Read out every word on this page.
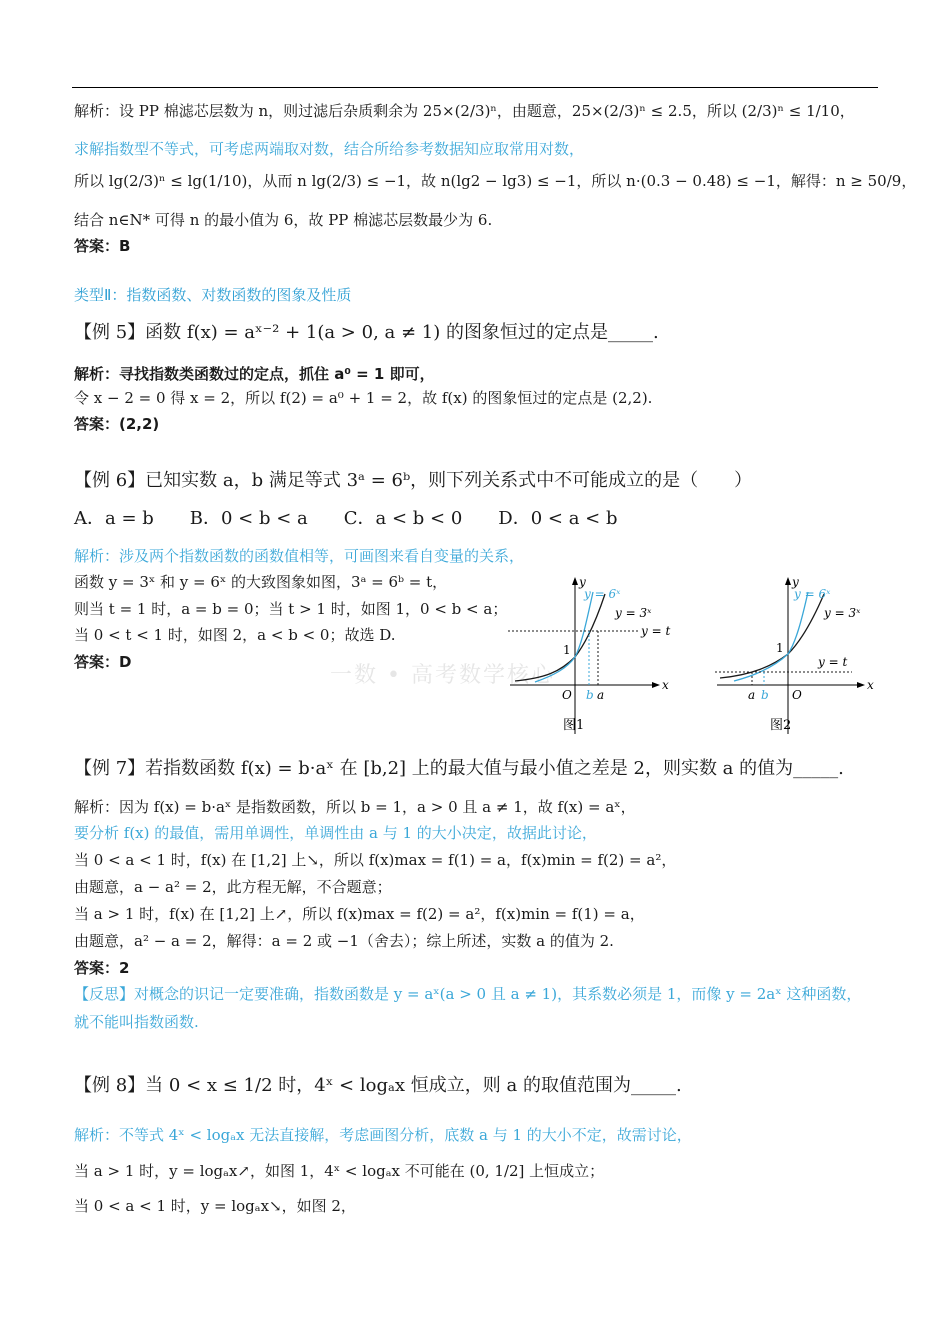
解析：设 PP 棉滤芯层数为 n，则过滤后杂质剩余为 25×(2/3)ⁿ，由题意，25×(2/3)ⁿ ≤ 2.5，所以 (2/3)ⁿ ≤ 1/10，
求解指数型不等式，可考虑两端取对数，结合所给参考数据知应取常用对数，
所以 lg(2/3)ⁿ ≤ lg(1/10)，从而 n lg(2/3) ≤ −1，故 n(lg2 − lg3) ≤ −1，所以 n·(0.3 − 0.48) ≤ −1，解得：n ≥ 50/9，
结合 n∈N* 可得 n 的最小值为 6，故 PP 棉滤芯层数最少为 6.
答案：B
类型Ⅱ：指数函数、对数函数的图象及性质
【例 5】函数 f(x) = aˣ⁻² + 1(a > 0, a ≠ 1) 的图象恒过的定点是_____.
解析：寻找指数类函数过的定点，抓住 a⁰ = 1 即可，
令 x − 2 = 0 得 x = 2，所以 f(2) = a⁰ + 1 = 2，故 f(x) 的图象恒过的定点是 (2,2).
答案：(2,2)
【例 6】已知实数 a，b 满足等式 3ᵃ = 6ᵇ，则下列关系式中不可能成立的是（　　）
A．a = b　　B．0 < b < a　　C．a < b < 0　　D．0 < a < b
解析：涉及两个指数函数的函数值相等，可画图来看自变量的关系，
函数 y = 3ˣ 和 y = 6ˣ 的大致图象如图，3ᵃ = 6ᵇ = t，
则当 t = 1 时，a = b = 0；当 t > 1 时，如图 1，0 < b < a；
当 0 < t < 1 时，如图 2，a < b < 0；故选 D.
答案：D
一数 • 高考数学核心
y
y = 6ˣ
y = 3ˣ
y = t
x
1
O b a
图1
y
y = 6ˣ
y = 3ˣ
y = t
x
1
O
a b
图2
【例 7】若指数函数 f(x) = b·aˣ 在 [b,2] 上的最大值与最小值之差是 2，则实数 a 的值为_____.
解析：因为 f(x) = b·aˣ 是指数函数，所以 b = 1，a > 0 且 a ≠ 1，故 f(x) = aˣ，
要分析 f(x) 的最值，需用单调性，单调性由 a 与 1 的大小决定，故据此讨论，
当 0 < a < 1 时，f(x) 在 [1,2] 上↘，所以 f(x)max = f(1) = a，f(x)min = f(2) = a²，
由题意，a − a² = 2，此方程无解，不合题意；
当 a > 1 时，f(x) 在 [1,2] 上↗，所以 f(x)max = f(2) = a²，f(x)min = f(1) = a，
由题意，a² − a = 2，解得：a = 2 或 −1（舍去）；综上所述，实数 a 的值为 2.
答案：2
【反思】对概念的识记一定要准确，指数函数是 y = aˣ(a > 0 且 a ≠ 1)，其系数必须是 1，而像 y = 2aˣ 这种函数，
就不能叫指数函数.
【例 8】当 0 < x ≤ 1/2 时，4ˣ < logₐx 恒成立，则 a 的取值范围为_____.
解析：不等式 4ˣ < logₐx 无法直接解，考虑画图分析，底数 a 与 1 的大小不定，故需讨论，
当 a > 1 时，y = logₐx↗，如图 1，4ˣ < logₐx 不可能在 (0, 1/2] 上恒成立；
当 0 < a < 1 时，y = logₐx↘，如图 2，
